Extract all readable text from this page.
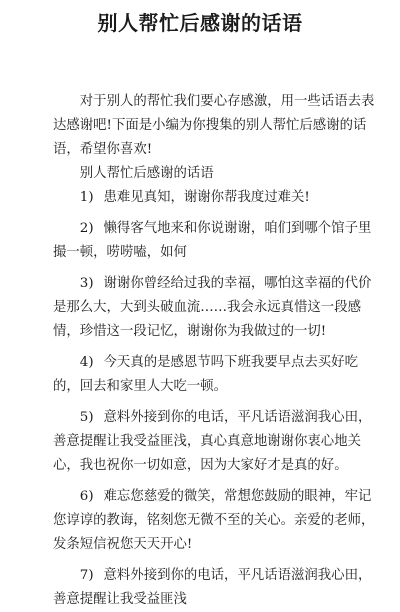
别人帮忙后感谢的话语

对于别人的帮忙我们要心存感激，用一些话语去表达感谢吧!下面是小编为你搜集的别人帮忙后感谢的话语，希望你喜欢!

别人帮忙后感谢的话语

1) 患难见真知，谢谢你帮我度过难关!

2) 懒得客气地来和你说谢谢，咱们到哪个馆子里撮一顿，唠唠嗑，如何

3) 谢谢你曾经给过我的幸福，哪怕这幸福的代价是那么大，大到头破血流……我会永远真惜这一段感情，珍惜这一段记忆，谢谢你为我做过的一切!

4) 今天真的是感恩节吗下班我要早点去买好吃的，回去和家里人大吃一顿。

5) 意料外接到你的电话，平凡话语滋润我心田，善意提醒让我受益匪浅，真心真意地谢谢你衷心地关心，我也祝你一切如意，因为大家好才是真的好。

6) 难忘您慈爱的微笑，常想您鼓励的眼神，牢记您谆谆的教诲，铭刻您无微不至的关心。亲爱的老师，发条短信祝您天天开心!

7) 意料外接到你的电话，平凡话语滋润我心田，善意提醒让我受益匪浅
